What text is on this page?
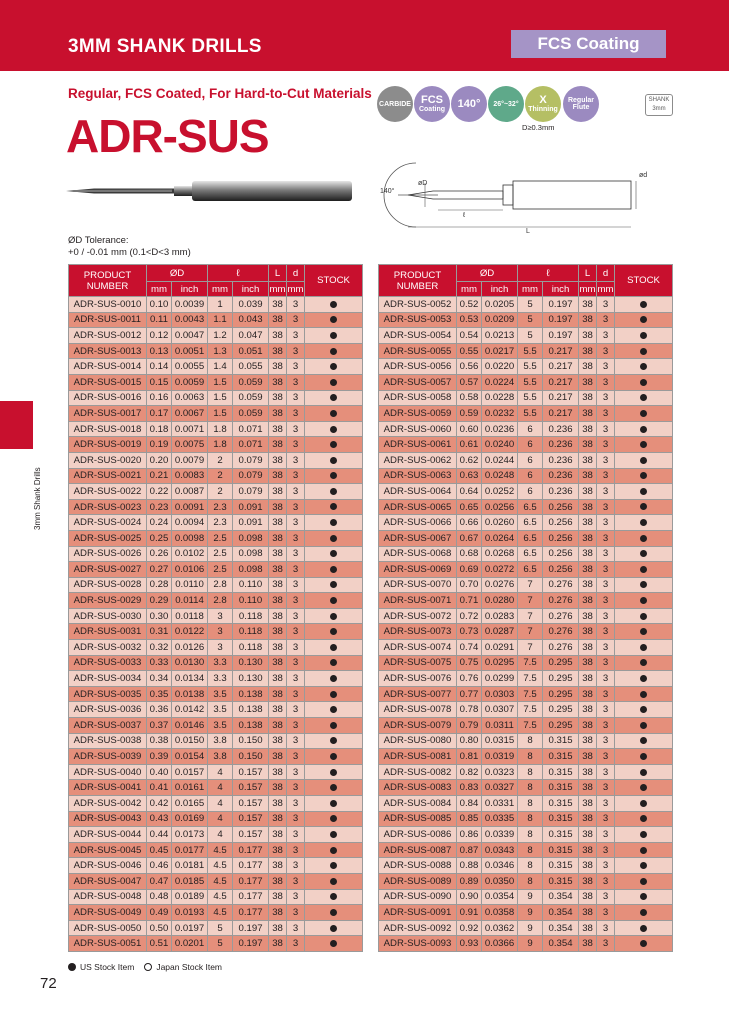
3MM SHANK DRILLS	FCS Coating
Regular, FCS Coated, For Hard-to-Cut Materials
ADR-SUS
CARBIDE FCS
Coating 140° 26°~32° X
Thinning
Regular
Flute
SHANK
3mm
D≥0.3mm
140°
øD
ℓ
L
ød
ØD Tolerance:
+0 / -0.01 mm (0.1<D<3 mm)
PRODUCT
NUMBER	ØD		ℓ		L	d	STOCK
	mm	inch	mm	inch	mm	mm	
ADR-SUS-0010	0.10	0.0039	1	0.039	38	3	
ADR-SUS-0011	0.11	0.0043	1.1	0.043	38	3	
ADR-SUS-0012	0.12	0.0047	1.2	0.047	38	3	
ADR-SUS-0013	0.13	0.0051	1.3	0.051	38	3	
ADR-SUS-0014	0.14	0.0055	1.4	0.055	38	3	
ADR-SUS-0015	0.15	0.0059	1.5	0.059	38	3	
ADR-SUS-0016	0.16	0.0063	1.5	0.059	38	3	
ADR-SUS-0017	0.17	0.0067	1.5	0.059	38	3	
ADR-SUS-0018	0.18	0.0071	1.8	0.071	38	3	
ADR-SUS-0019	0.19	0.0075	1.8	0.071	38	3	
ADR-SUS-0020	0.20	0.0079	2	0.079	38	3	
ADR-SUS-0021	0.21	0.0083	2	0.079	38	3	
ADR-SUS-0022	0.22	0.0087	2	0.079	38	3	
ADR-SUS-0023	0.23	0.0091	2.3	0.091	38	3	
ADR-SUS-0024	0.24	0.0094	2.3	0.091	38	3	
ADR-SUS-0025	0.25	0.0098	2.5	0.098	38	3	
ADR-SUS-0026	0.26	0.0102	2.5	0.098	38	3	
ADR-SUS-0027	0.27	0.0106	2.5	0.098	38	3	
ADR-SUS-0028	0.28	0.0110	2.8	0.110	38	3	
ADR-SUS-0029	0.29	0.0114	2.8	0.110	38	3	
ADR-SUS-0030	0.30	0.0118	3	0.118	38	3	
ADR-SUS-0031	0.31	0.0122	3	0.118	38	3	
ADR-SUS-0032	0.32	0.0126	3	0.118	38	3	
ADR-SUS-0033	0.33	0.0130	3.3	0.130	38	3	
ADR-SUS-0034	0.34	0.0134	3.3	0.130	38	3	
ADR-SUS-0035	0.35	0.0138	3.5	0.138	38	3	
ADR-SUS-0036	0.36	0.0142	3.5	0.138	38	3	
ADR-SUS-0037	0.37	0.0146	3.5	0.138	38	3	
ADR-SUS-0038	0.38	0.0150	3.8	0.150	38	3	
ADR-SUS-0039	0.39	0.0154	3.8	0.150	38	3	
ADR-SUS-0040	0.40	0.0157	4	0.157	38	3	
ADR-SUS-0041	0.41	0.0161	4	0.157	38	3	
ADR-SUS-0042	0.42	0.0165	4	0.157	38	3	
ADR-SUS-0043	0.43	0.0169	4	0.157	38	3	
ADR-SUS-0044	0.44	0.0173	4	0.157	38	3	
ADR-SUS-0045	0.45	0.0177	4.5	0.177	38	3	
ADR-SUS-0046	0.46	0.0181	4.5	0.177	38	3	
ADR-SUS-0047	0.47	0.0185	4.5	0.177	38	3	
ADR-SUS-0048	0.48	0.0189	4.5	0.177	38	3	
ADR-SUS-0049	0.49	0.0193	4.5	0.177	38	3	
ADR-SUS-0050	0.50	0.0197	5	0.197	38	3	
ADR-SUS-0051	0.51	0.0201	5	0.197	38	3	
PRODUCT
NUMBER	ØD		ℓ		L	d	STOCK
	mm	inch	mm	inch	mm	mm	
ADR-SUS-0052	0.52	0.0205	5	0.197	38	3	
ADR-SUS-0053	0.53	0.0209	5	0.197	38	3	
ADR-SUS-0054	0.54	0.0213	5	0.197	38	3	
ADR-SUS-0055	0.55	0.0217	5.5	0.217	38	3	
ADR-SUS-0056	0.56	0.0220	5.5	0.217	38	3	
ADR-SUS-0057	0.57	0.0224	5.5	0.217	38	3	
ADR-SUS-0058	0.58	0.0228	5.5	0.217	38	3	
ADR-SUS-0059	0.59	0.0232	5.5	0.217	38	3	
ADR-SUS-0060	0.60	0.0236	6	0.236	38	3	
ADR-SUS-0061	0.61	0.0240	6	0.236	38	3	
ADR-SUS-0062	0.62	0.0244	6	0.236	38	3	
ADR-SUS-0063	0.63	0.0248	6	0.236	38	3	
ADR-SUS-0064	0.64	0.0252	6	0.236	38	3	
ADR-SUS-0065	0.65	0.0256	6.5	0.256	38	3	
ADR-SUS-0066	0.66	0.0260	6.5	0.256	38	3	
ADR-SUS-0067	0.67	0.0264	6.5	0.256	38	3	
ADR-SUS-0068	0.68	0.0268	6.5	0.256	38	3	
ADR-SUS-0069	0.69	0.0272	6.5	0.256	38	3	
ADR-SUS-0070	0.70	0.0276	7	0.276	38	3	
ADR-SUS-0071	0.71	0.0280	7	0.276	38	3	
ADR-SUS-0072	0.72	0.0283	7	0.276	38	3	
ADR-SUS-0073	0.73	0.0287	7	0.276	38	3	
ADR-SUS-0074	0.74	0.0291	7	0.276	38	3	
ADR-SUS-0075	0.75	0.0295	7.5	0.295	38	3	
ADR-SUS-0076	0.76	0.0299	7.5	0.295	38	3	
ADR-SUS-0077	0.77	0.0303	7.5	0.295	38	3	
ADR-SUS-0078	0.78	0.0307	7.5	0.295	38	3	
ADR-SUS-0079	0.79	0.0311	7.5	0.295	38	3	
ADR-SUS-0080	0.80	0.0315	8	0.315	38	3	
ADR-SUS-0081	0.81	0.0319	8	0.315	38	3	
ADR-SUS-0082	0.82	0.0323	8	0.315	38	3	
ADR-SUS-0083	0.83	0.0327	8	0.315	38	3	
ADR-SUS-0084	0.84	0.0331	8	0.315	38	3	
ADR-SUS-0085	0.85	0.0335	8	0.315	38	3	
ADR-SUS-0086	0.86	0.0339	8	0.315	38	3	
ADR-SUS-0087	0.87	0.0343	8	0.315	38	3	
ADR-SUS-0088	0.88	0.0346	8	0.315	38	3	
ADR-SUS-0089	0.89	0.0350	8	0.315	38	3	
ADR-SUS-0090	0.90	0.0354	9	0.354	38	3	
ADR-SUS-0091	0.91	0.0358	9	0.354	38	3	
ADR-SUS-0092	0.92	0.0362	9	0.354	38	3	
ADR-SUS-0093	0.93	0.0366	9	0.354	38	3	
US Stock Item	Japan Stock Item
3mm Shank Drills
72
